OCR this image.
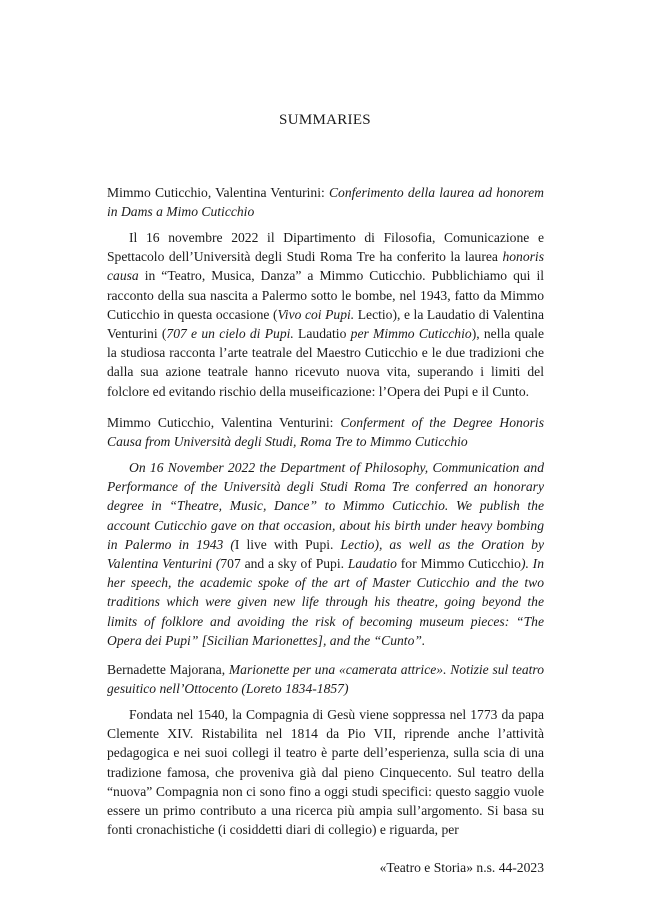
SUMMARIES

Mimmo Cuticchio, Valentina Venturini: Conferimento della laurea ad honorem in Dams a Mimo Cuticchio

Il 16 novembre 2022 il Dipartimento di Filosofia, Comunicazione e Spettacolo dell’Università degli Studi Roma Tre ha conferito la laurea honoris causa in “Teatro, Musica, Danza” a Mimmo Cuticchio. Pubblichiamo qui il racconto della sua nascita a Palermo sotto le bombe, nel 1943, fatto da Mimmo Cuticchio in questa occasione (Vivo coi Pupi. Lectio), e la Laudatio di Valentina Venturini (707 e un cielo di Pupi. Laudatio per Mimmo Cuticchio), nella quale la studiosa racconta l’arte teatrale del Maestro Cuticchio e le due tradizioni che dalla sua azione teatrale hanno ricevuto nuova vita, superando i limiti del folclore ed evitando rischio della museificazione: l’Opera dei Pupi e il Cunto.

Mimmo Cuticchio, Valentina Venturini: Conferment of the Degree Honoris Causa from Università degli Studi, Roma Tre to Mimmo Cuticchio

On 16 November 2022 the Department of Philosophy, Communication and Performance of the Università degli Studi Roma Tre conferred an honorary degree in “Theatre, Music, Dance” to Mimmo Cuticchio. We publish the account Cuticchio gave on that occasion, about his birth under heavy bombing in Palermo in 1943 (I live with Pupi. Lectio), as well as the Oration by Valentina Venturini (707 and a sky of Pupi. Laudatio for Mimmo Cuticchio). In her speech, the academic spoke of the art of Master Cuticchio and the two traditions which were given new life through his theatre, going beyond the limits of folklore and avoiding the risk of becoming museum pieces: “The Opera dei Pupi” [Sicilian Marionettes], and the “Cunto”.

Bernadette Majorana, Marionette per una «camerata attrice». Notizie sul teatro gesuitico nell’Ottocento (Loreto 1834-1857)

Fondata nel 1540, la Compagnia di Gesù viene soppressa nel 1773 da papa Clemente XIV. Ristabilita nel 1814 da Pio VII, riprende anche l’attività pedagogica e nei suoi collegi il teatro è parte dell’esperienza, sulla scia di una tradizione famosa, che proveniva già dal pieno Cinquecento. Sul teatro della “nuova” Compagnia non ci sono fino a oggi studi specifici: questo saggio vuole essere un primo contributo a una ricerca più ampia sull’argomento. Si basa su fonti cronachistiche (i cosiddetti diari di collegio) e riguarda, per

«Teatro e Storia» n.s. 44-2023
